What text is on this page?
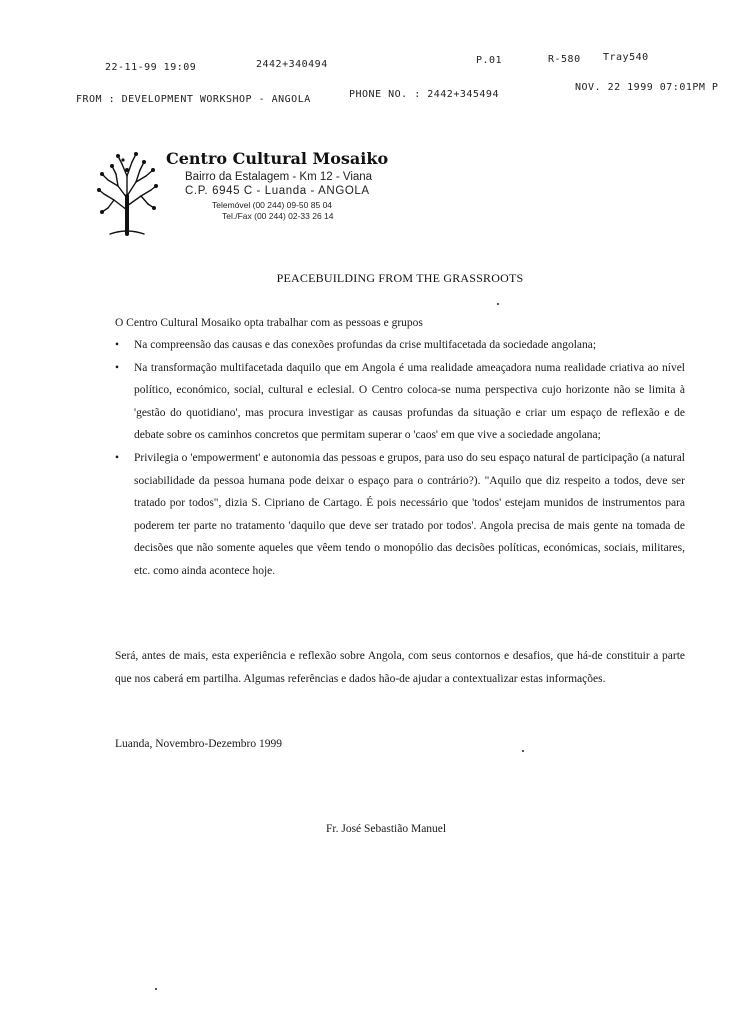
22-11-99 19:09	2442+340494	P.01	R-580 Tray540
FROM : DEVELOPMENT WORKSHOP - ANGOLA	PHONE NO. : 2442+345494
NOV. 22 1999 07:01PM P
Centro Cultural Mosaiko
Bairro da Estalagem - Km 12 - Viana
C.P. 6945 C - Luanda - ANGOLA
Telemóvel (00 244) 09-50 85 04
Tel./Fax (00 244) 02-33 26 14
PEACEBUILDING FROM THE GRASSROOTS
O Centro Cultural Mosaiko opta trabalhar com as pessoas e grupos
• Na compreensão das causas e das conexões profundas da crise multifacetada da sociedade angolana;
• Na transformação multifacetada daquilo que em Angola é uma realidade ameaçadora numa realidade criativa ao nível político, económico, social, cultural e eclesial. O Centro coloca-se numa perspectiva cujo horizonte não se limita à 'gestão do quotidiano', mas procura investigar as causas profundas da situação e criar um espaço de reflexão e de debate sobre os caminhos concretos que permitam superar o 'caos' em que vive a sociedade angolana;
• Privilegia o 'empowerment' e autonomia das pessoas e grupos, para uso do seu espaço natural de participação (a natural sociabilidade da pessoa humana pode deixar o espaço para o contrário?). "Aquilo que diz respeito a todos, deve ser tratado por todos", dizia S. Cipriano de Cartago. É pois necessário que 'todos' estejam munidos de instrumentos para poderem ter parte no tratamento 'daquilo que deve ser tratado por todos'. Angola precisa de mais gente na tomada de decisões que não somente aqueles que vêem tendo o monopólio das decisões políticas, económicas, sociais, militares, etc. como ainda acontece hoje.
Será, antes de mais, esta experiência e reflexão sobre Angola, com seus contornos e desafios, que há-de constituir a parte que nos caberá em partilha. Algumas referências e dados hão-de ajudar a contextualizar estas informações.
Luanda, Novembro-Dezembro 1999
Fr. José Sebastião Manuel
